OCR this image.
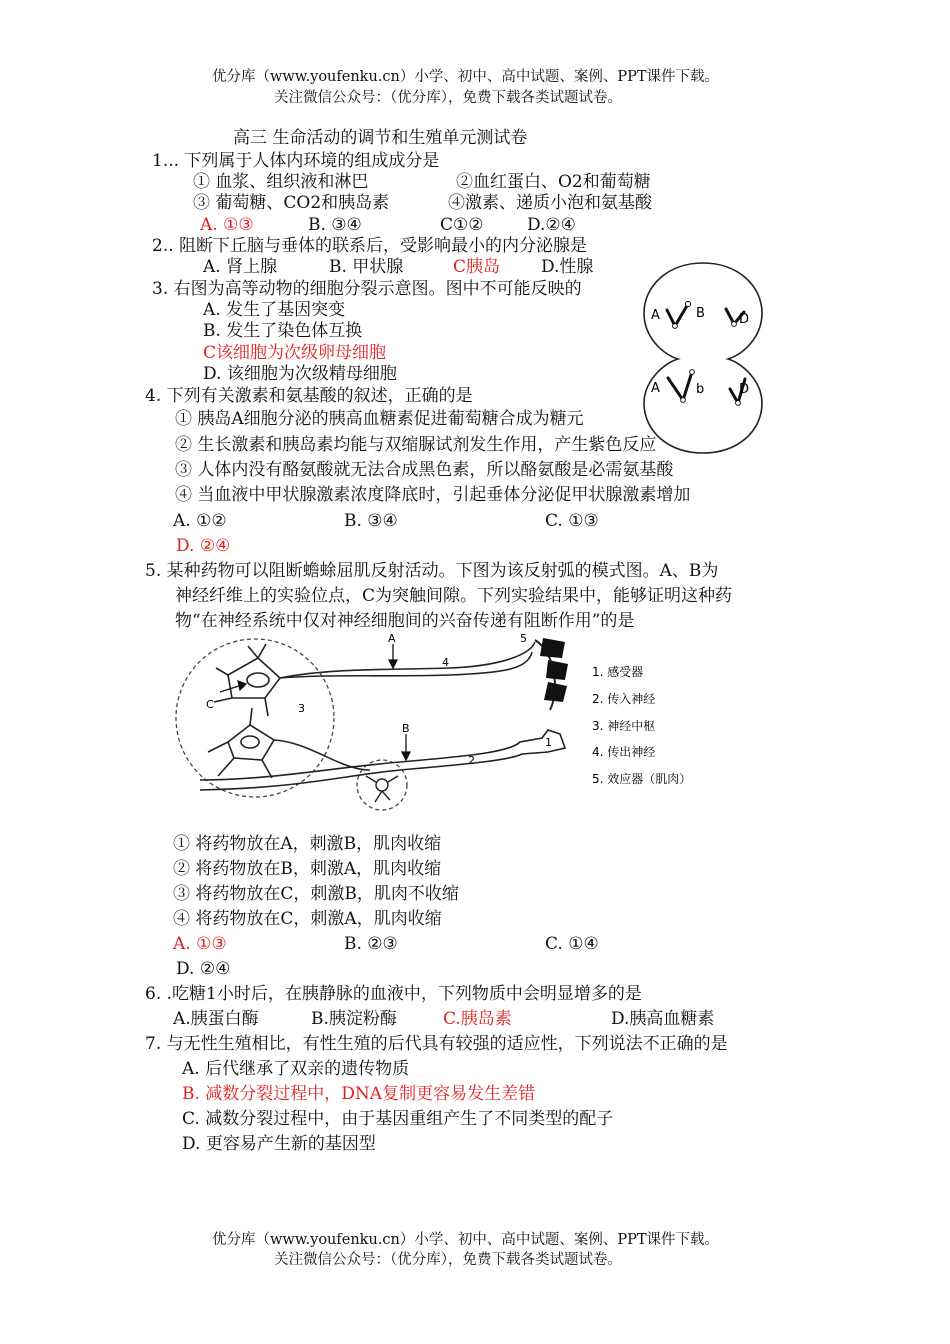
优分库（www.youfenku.cn）小学、初中、高中试题、案例、PPT课件下载。
关注微信公众号：（优分库），免费下载各类试题试卷。
高三 生命活动的调节和生殖单元测试卷
1... 下列属于人体内环境的组成成分是
① 血浆、组织液和淋巴	②血红蛋白、O2和葡萄糖
③ 葡萄糖、CO2和胰岛素	④激素、递质小泡和氨基酸
A. ①③	B. ③④	C①②	D.②④
2.. 阻断下丘脑与垂体的联系后，受影响最小的内分泌腺是
A. 肾上腺	B. 甲状腺	C胰岛 D.性腺
3. 右图为高等动物的细胞分裂示意图。图中不可能反映的
A. 发生了基因突变
B. 发生了染色体互换
C该细胞为次级卵母细胞
D. 该细胞为次级精母细胞
A	B	D
A	b	D
4. 下列有关激素和氨基酸的叙述，正确的是
① 胰岛A细胞分泌的胰高血糖素促进葡萄糖合成为糖元
② 生长激素和胰岛素均能与双缩脲试剂发生作用，产生紫色反应
③ 人体内没有酪氨酸就无法合成黑色素，所以酪氨酸是必需氨基酸
④ 当血液中甲状腺激素浓度降底时，引起垂体分泌促甲状腺激素增加
A. ①②	B. ③④	C. ①③
D. ②④
5. 某种药物可以阻断蟾蜍屈肌反射活动。下图为该反射弧的模式图。A、B为
神经纤维上的实验位点，C为突触间隙。下列实验结果中，能够证明这种药
物“在神经系统中仅对神经细胞间的兴奋传递有阻断作用”的是
A
B
C
1
2
3
4
5
1. 感受器
2. 传入神经
3. 神经中枢
4. 传出神经
5. 效应器（肌肉）
① 将药物放在A，刺激B，肌肉收缩
② 将药物放在B，刺激A，肌肉收缩
③ 将药物放在C，刺激B，肌肉不收缩
④ 将药物放在C，刺激A，肌肉收缩
A. ①③	B. ②③	C. ①④
D. ②④
6. .吃糖1小时后，在胰静脉的血液中，下列物质中会明显增多的是
A.胰蛋白酶	B.胰淀粉酶	C.胰岛素	D.胰高血糖素
7. 与无性生殖相比，有性生殖的后代具有较强的适应性，下列说法不正确的是
A. 后代继承了双亲的遗传物质
B. 减数分裂过程中，DNA复制更容易发生差错
C. 减数分裂过程中，由于基因重组产生了不同类型的配子
D. 更容易产生新的基因型
优分库（www.youfenku.cn）小学、初中、高中试题、案例、PPT课件下载。
关注微信公众号：（优分库），免费下载各类试题试卷。
